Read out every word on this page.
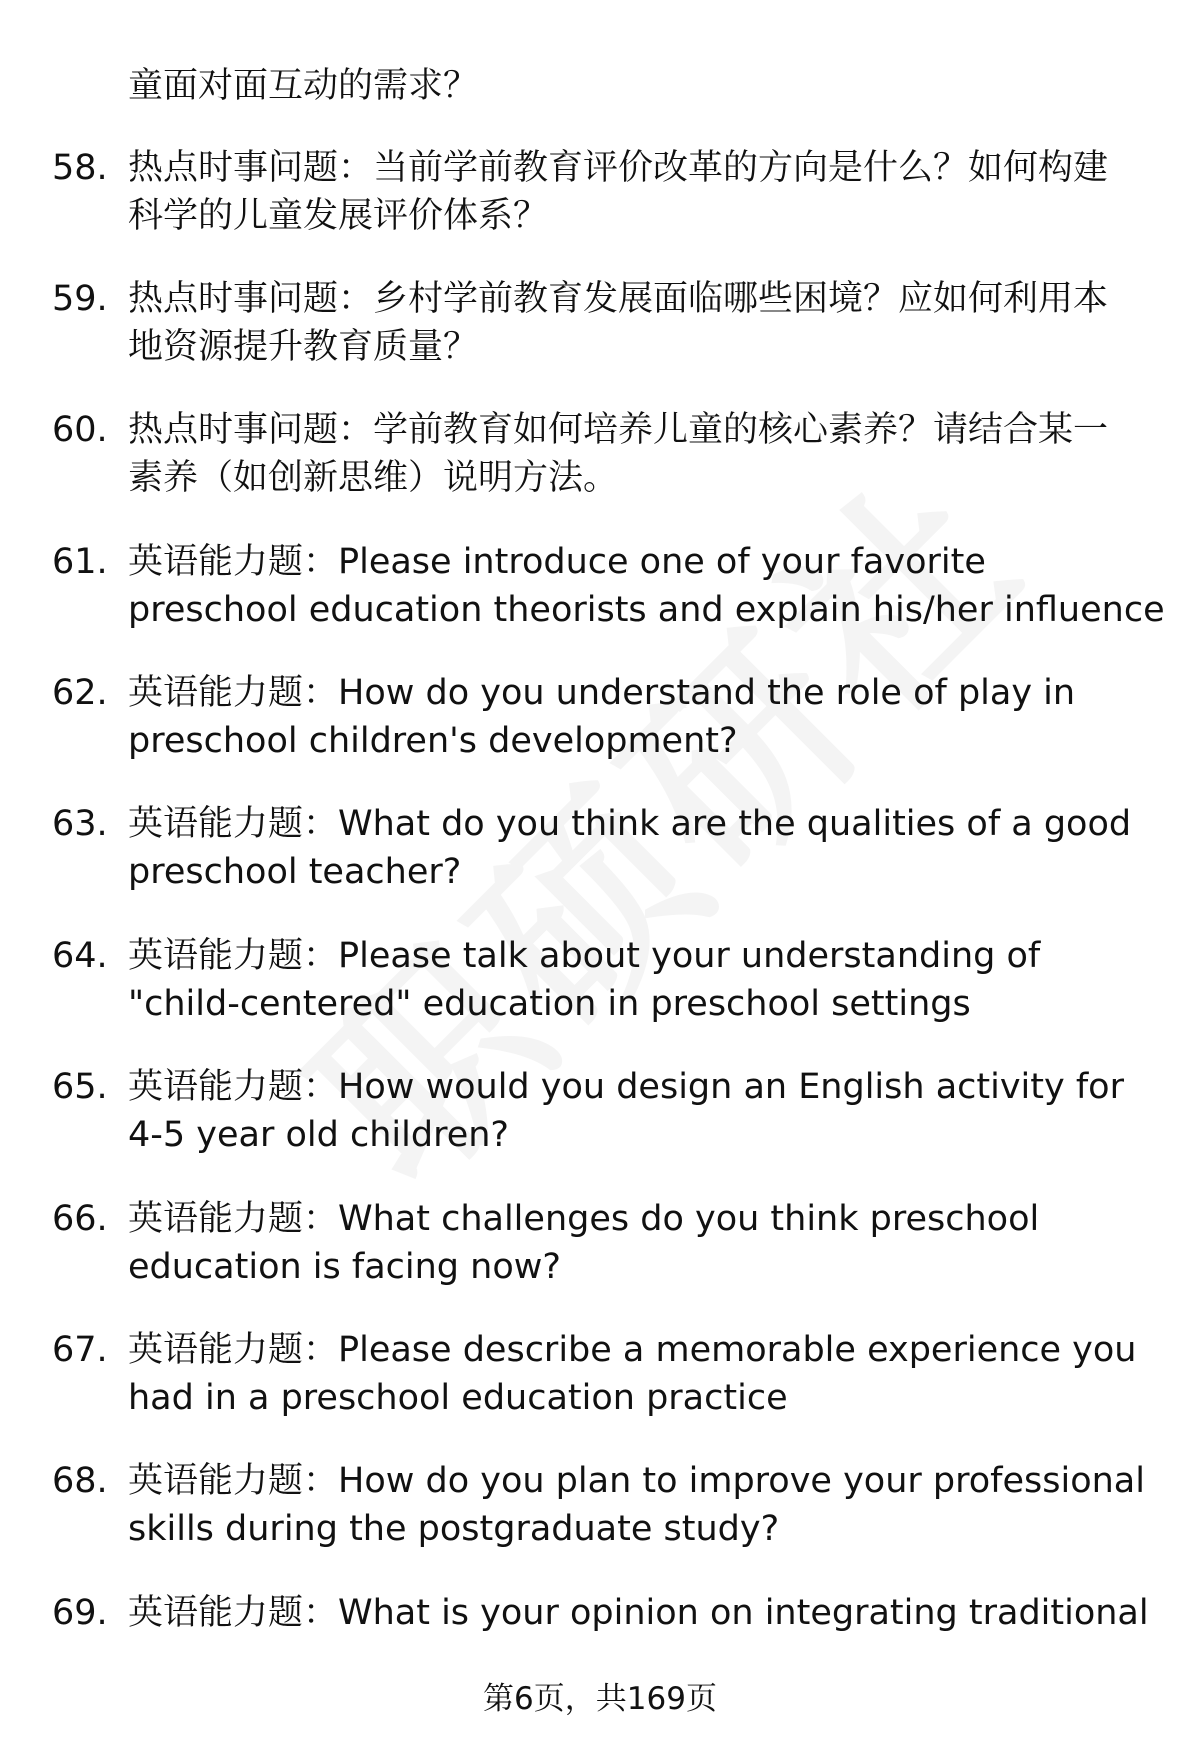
童面对面互动的需求？
58. 热点时事问题：当前学前教育评价改革的方向是什么？如何构建
科学的儿童发展评价体系？
59. 热点时事问题：乡村学前教育发展面临哪些困境？应如何利用本
地资源提升教育质量？
60. 热点时事问题：学前教育如何培养儿童的核心素养？请结合某一
素养（如创新思维）说明方法。
61. 英语能力题：Please introduce one of your favorite
preschool education theorists and explain his/her influence
62. 英语能力题：How do you understand the role of play in
preschool children's development?
63. 英语能力题：What do you think are the qualities of a good
preschool teacher?
64. 英语能力题：Please talk about your understanding of
"child-centered" education in preschool settings
65. 英语能力题：How would you design an English activity for
4-5 year old children?
66. 英语能力题：What challenges do you think preschool
education is facing now?
67. 英语能力题：Please describe a memorable experience you
had in a preschool education practice
68. 英语能力题：How do you plan to improve your professional
skills during the postgraduate study?
69. 英语能力题：What is your opinion on integrating traditional
第6页，共169页
